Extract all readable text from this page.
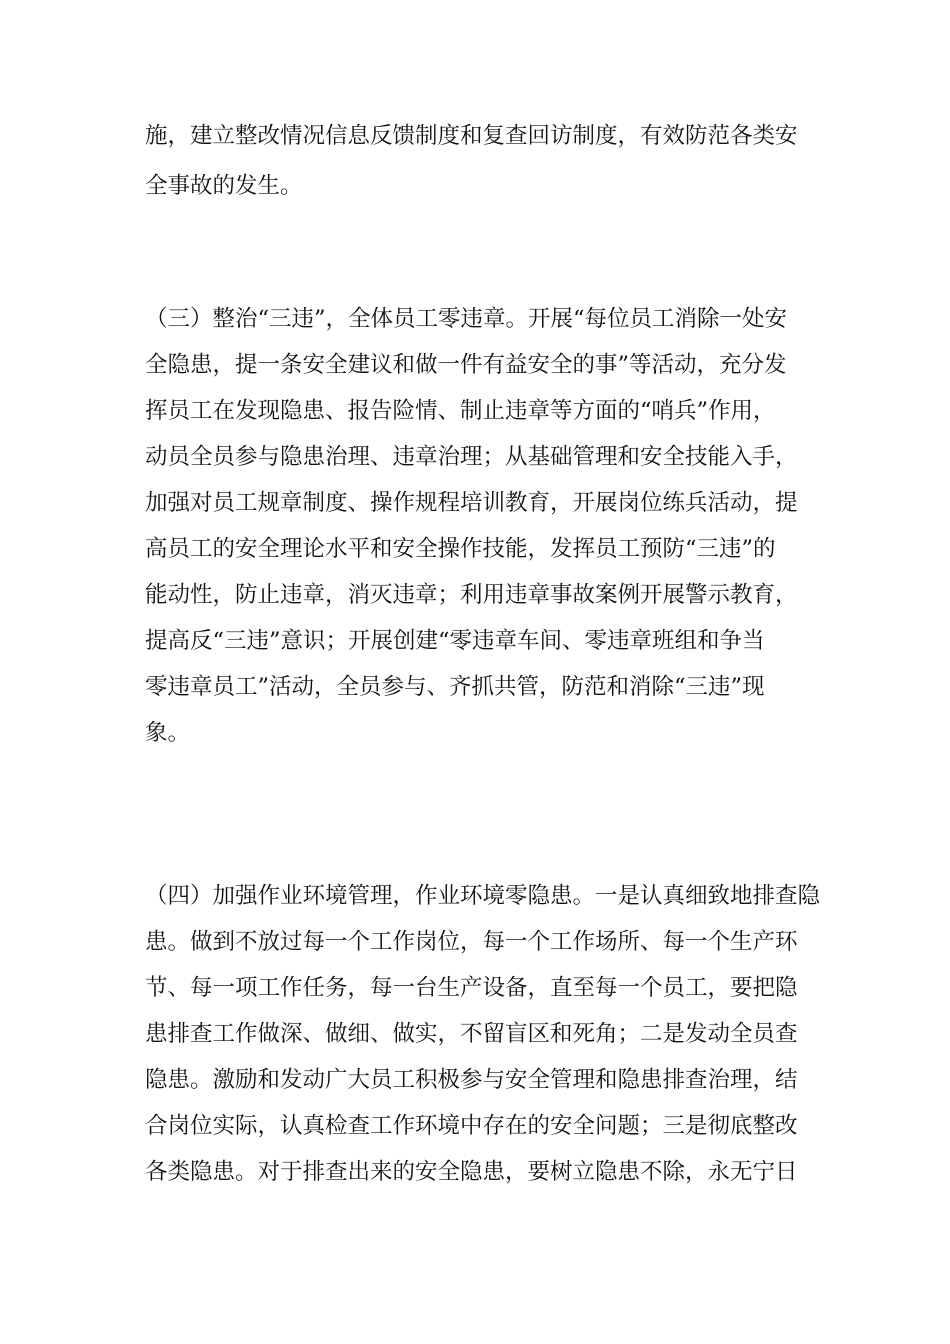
施，建立整改情况信息反馈制度和复查回访制度，有效防范各类安
全事故的发生。
（三）整治“三违”，全体员工零违章。开展“每位员工消除一处安
全隐患，提一条安全建议和做一件有益安全的事”等活动，充分发
挥员工在发现隐患、报告险情、制止违章等方面的“哨兵”作用，
动员全员参与隐患治理、违章治理；从基础管理和安全技能入手，
加强对员工规章制度、操作规程培训教育，开展岗位练兵活动，提
高员工的安全理论水平和安全操作技能，发挥员工预防“三违”的
能动性，防止违章，消灭违章；利用违章事故案例开展警示教育，
提高反“三违”意识；开展创建“零违章车间、零违章班组和争当
零违章员工”活动，全员参与、齐抓共管，防范和消除“三违”现
象。
（四）加强作业环境管理，作业环境零隐患。一是认真细致地排查隐
患。做到不放过每一个工作岗位，每一个工作场所、每一个生产环
节、每一项工作任务，每一台生产设备，直至每一个员工，要把隐
患排查工作做深、做细、做实，不留盲区和死角；二是发动全员查
隐患。激励和发动广大员工积极参与安全管理和隐患排查治理，结
合岗位实际，认真检查工作环境中存在的安全问题；三是彻底整改
各类隐患。对于排查出来的安全隐患，要树立隐患不除，永无宁日
